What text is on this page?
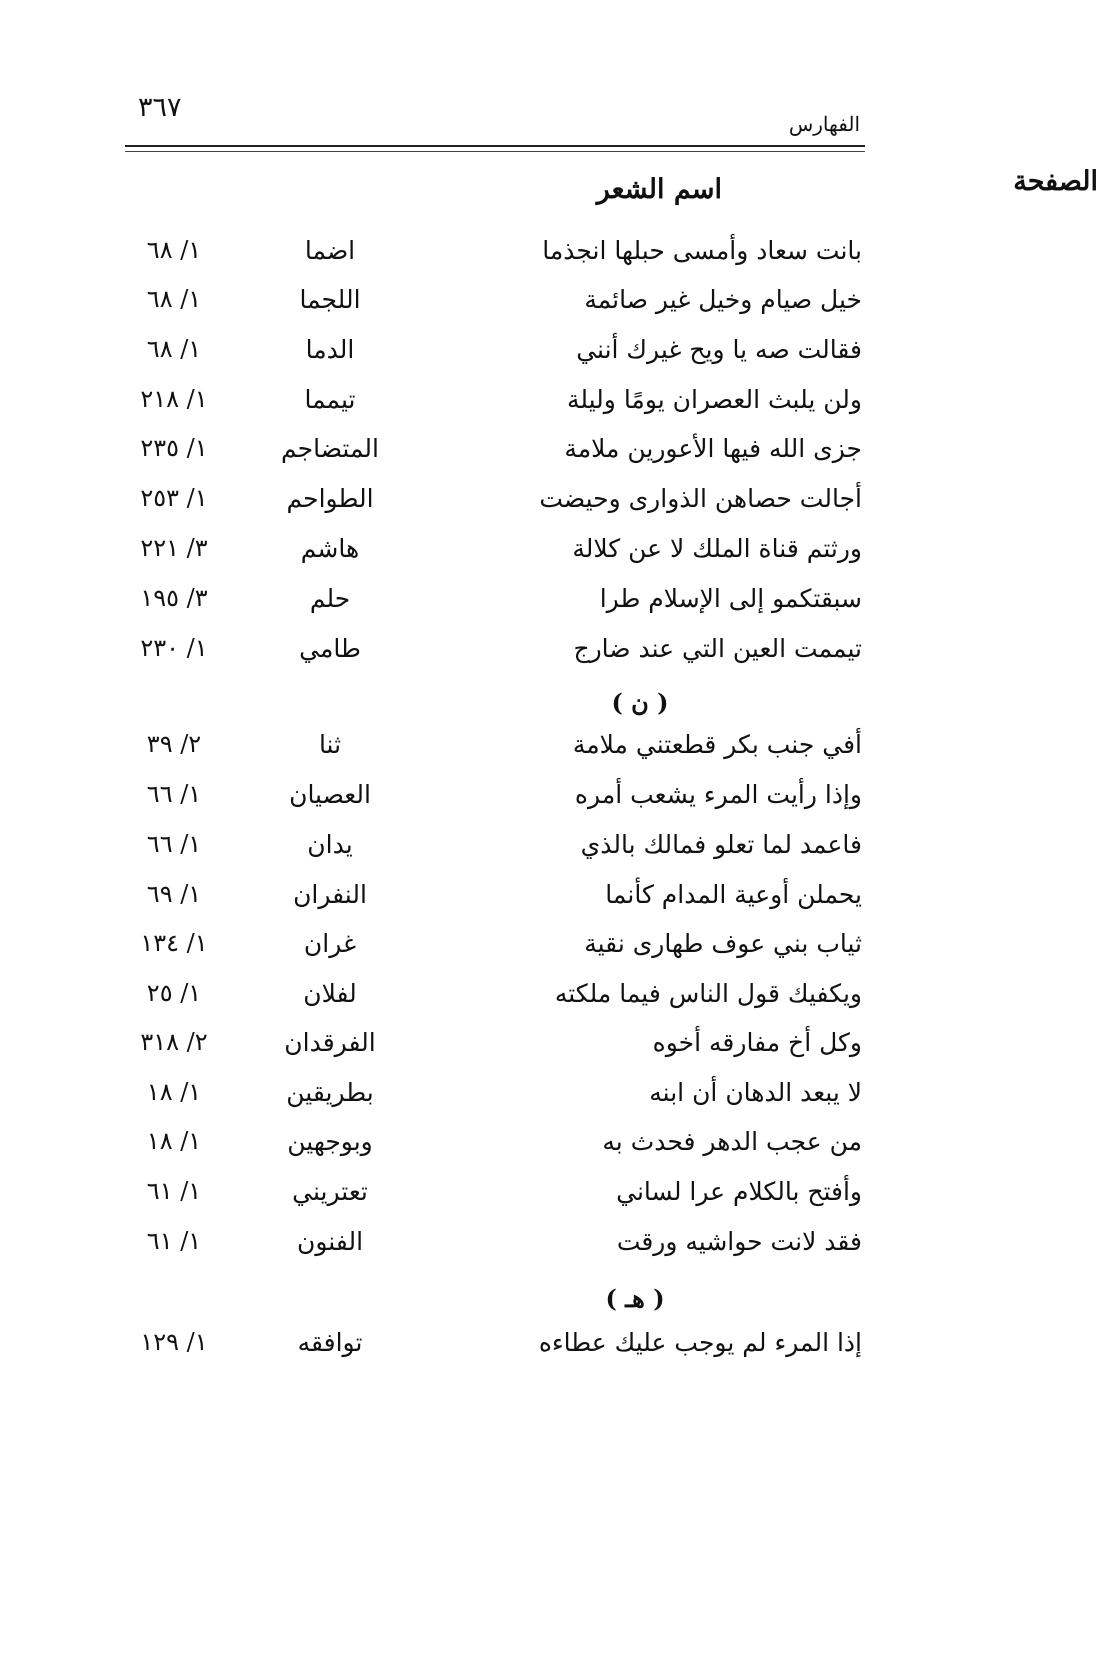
٣٦٧
الفهارس
اسم الشعر	الصفحة
بانت سعاد وأمسى حبلها انجذما
اضما
١/ ٦٨
خيل صيام وخيل غير صائمة
اللجما
١/ ٦٨
فقالت صه يا ويح غيرك أنني
الدما
١/ ٦٨
ولن يلبث العصران يومًا وليلة
تيمما
١/ ٢١٨
جزى الله فيها الأعورين ملامة
المتضاجم
١/ ٢٣٥
أجالت حصاهن الذوارى وحيضت
الطواحم
١/ ٢٥٣
ورثتم قناة الملك لا عن كلالة
هاشم
٣/ ٢٢١
سبقتكمو إلى الإسلام طرا
حلم
٣/ ١٩٥
تيممت العين التي عند ضارج
طامي
١/ ٢٣٠
( ن )
أفي جنب بكر قطعتني ملامة
ثنا
٢/ ٣٩
وإذا رأيت المرء يشعب أمره
العصيان
١/ ٦٦
فاعمد لما تعلو فمالك بالذي
يدان
١/ ٦٦
يحملن أوعية المدام كأنما
النفران
١/ ٦٩
ثياب بني عوف طهارى نقية
غران
١/ ١٣٤
ويكفيك قول الناس فيما ملكته
لفلان
١/ ٢٥
وكل أخ مفارقه أخوه
الفرقدان
٢/ ٣١٨
لا يبعد الدهان أن ابنه
بطريقين
١/ ١٨
من عجب الدهر فحدث به
وبوجهين
١/ ١٨
وأفتح بالكلام عرا لساني
تعتريني
١/ ٦١
فقد لانت حواشيه ورقت
الفنون
١/ ٦١
( هـ )
إذا المرء لم يوجب عليك عطاءه
توافقه
١/ ١٢٩
